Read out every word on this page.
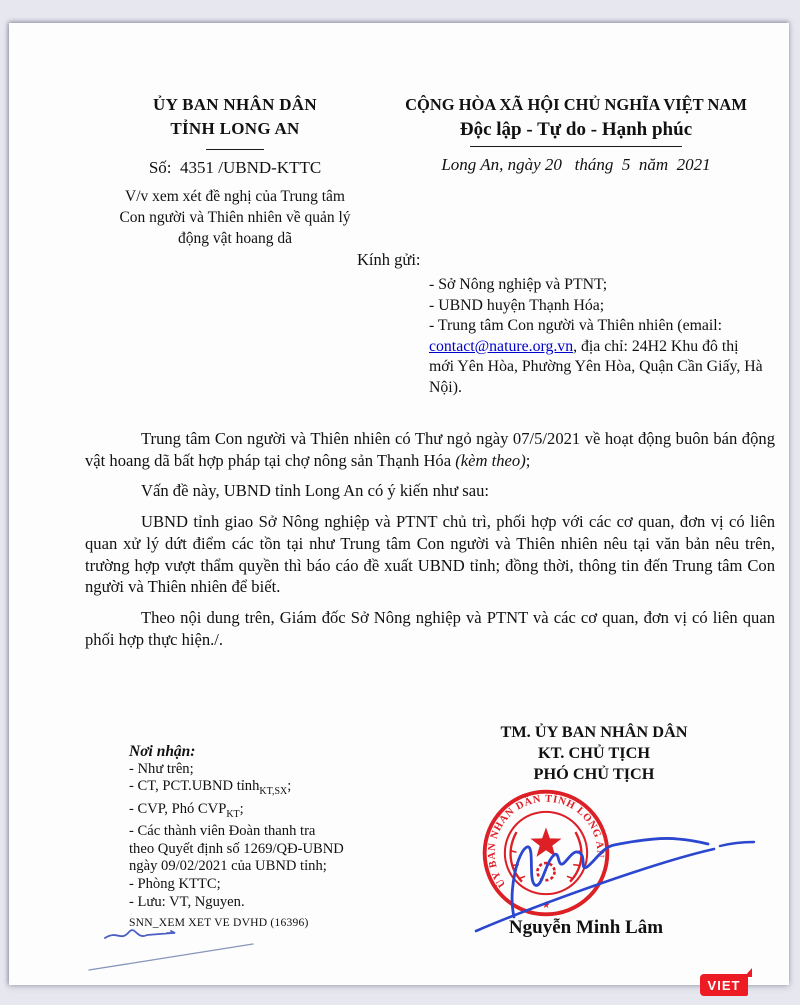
ỦY BAN NHÂN DÂN
TỈNH LONG AN
Số:  4351 /UBND-KTTC
V/v xem xét đề nghị của Trung tâm
Con người và Thiên nhiên về quản lý
động vật hoang dã
CỘNG HÒA XÃ HỘI CHỦ NGHĨA VIỆT NAM
Độc lập - Tự do - Hạnh phúc
Long An, ngày 20   tháng  5  năm  2021
Kính gửi:
- Sở Nông nghiệp và PTNT;
- UBND huyện Thạnh Hóa;
- Trung tâm Con người và Thiên nhiên (email: contact@nature.org.vn, địa chỉ: 24H2 Khu đô thị mới Yên Hòa, Phường Yên Hòa, Quận Cần Giấy, Hà Nội).

Trung tâm Con người và Thiên nhiên có Thư ngỏ ngày 07/5/2021 về hoạt động buôn bán động vật hoang dã bất hợp pháp tại chợ nông sản Thạnh Hóa (kèm theo);

Vấn đề này, UBND tỉnh Long An có ý kiến như sau:

UBND tỉnh giao Sở Nông nghiệp và PTNT chủ trì, phối hợp với các cơ quan, đơn vị có liên quan xử lý dứt điểm các tồn tại như Trung tâm Con người và Thiên nhiên nêu tại văn bản nêu trên, trường hợp vượt thẩm quyền thì báo cáo đề xuất UBND tỉnh; đồng thời, thông tin đến Trung tâm Con người và Thiên nhiên để biết.

Theo nội dung trên, Giám đốc Sở Nông nghiệp và PTNT và các cơ quan, đơn vị có liên quan phối hợp thực hiện./.

Nơi nhận:
- Như trên;
- CT, PCT.UBND tỉnh$_{KT,SX}$;
- CVP, Phó $CVP_{KT}$;
- Các thành viên Đoàn thanh tra
theo Quyết định số 1269/QĐ-UBND
ngày 09/02/2021 của UBND tỉnh;
- Phòng KTTC;
- Lưu: VT, Nguyen.
SNN_XEM XET VE DVHD (16396)
TM. ỦY BAN NHÂN DÂN
KT. CHỦ TỊCH
PHÓ CHỦ TỊCH
ỦY BAN NHÂN DÂN TỈNH LONG AN
★
Nguyễn Minh Lâm
VIET
